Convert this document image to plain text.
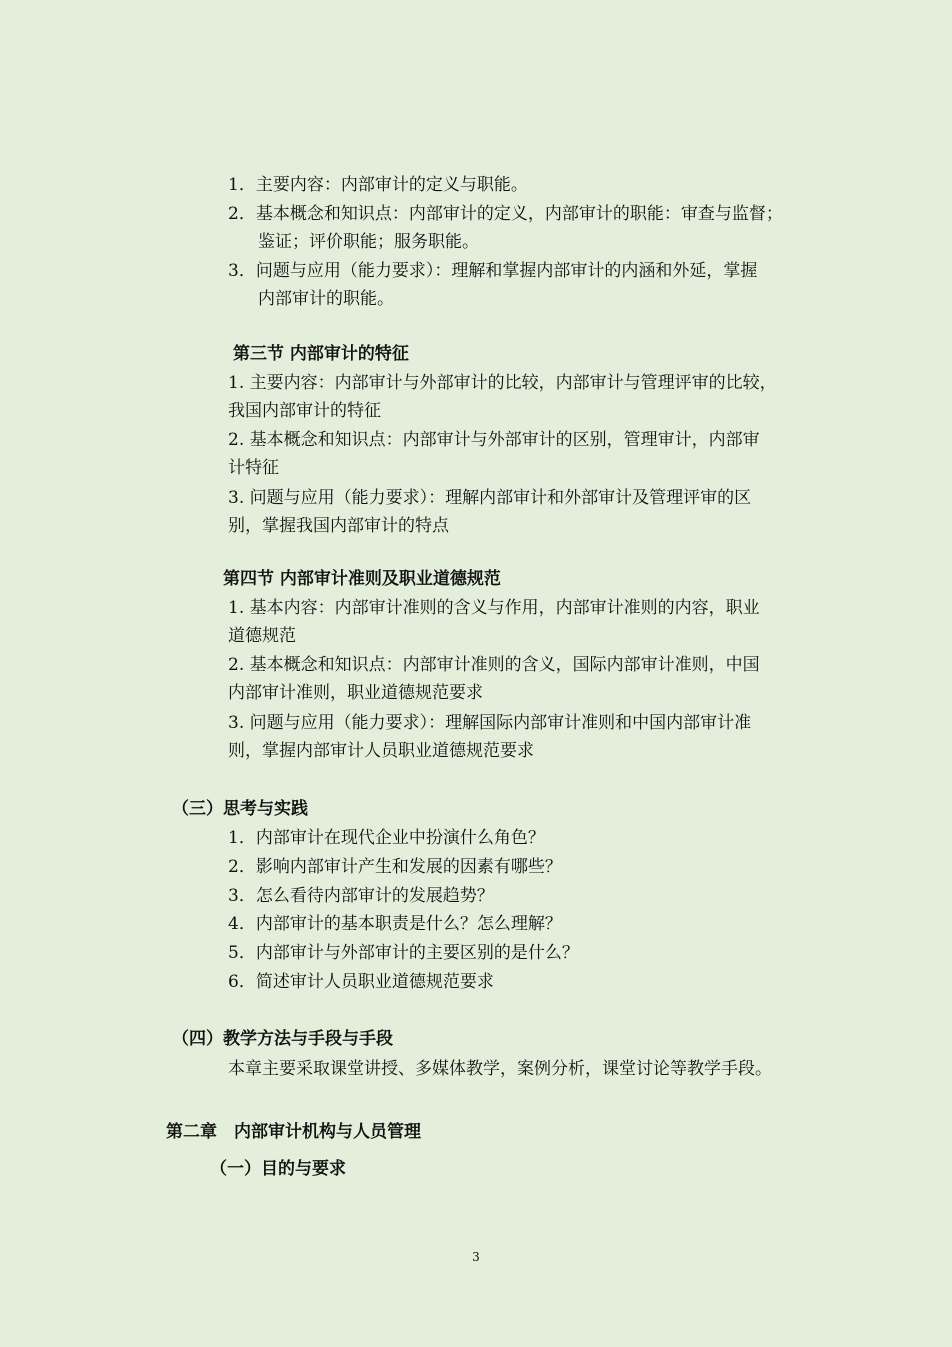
1．主要内容：内部审计的定义与职能。
2．基本概念和知识点：内部审计的定义，内部审计的职能：审查与监督；
鉴证；评价职能；服务职能。
3．问题与应用（能力要求）：理解和掌握内部审计的内涵和外延，掌握
内部审计的职能。
第三节 内部审计的特征
1. 主要内容：内部审计与外部审计的比较，内部审计与管理评审的比较，
我国内部审计的特征
2. 基本概念和知识点：内部审计与外部审计的区别，管理审计，内部审
计特征
3. 问题与应用（能力要求）：理解内部审计和外部审计及管理评审的区
别，掌握我国内部审计的特点
第四节 内部审计准则及职业道德规范
1. 基本内容：内部审计准则的含义与作用，内部审计准则的内容，职业
道德规范
2. 基本概念和知识点：内部审计准则的含义，国际内部审计准则，中国
内部审计准则，职业道德规范要求
3. 问题与应用（能力要求）：理解国际内部审计准则和中国内部审计准
则，掌握内部审计人员职业道德规范要求
（三）思考与实践
1．内部审计在现代企业中扮演什么角色？
2．影响内部审计产生和发展的因素有哪些？
3．怎么看待内部审计的发展趋势？
4．内部审计的基本职责是什么？怎么理解？
5．内部审计与外部审计的主要区别的是什么？
6．简述审计人员职业道德规范要求
（四）教学方法与手段与手段
本章主要采取课堂讲授、多媒体教学，案例分析，课堂讨论等教学手段。
第二章　内部审计机构与人员管理
（一）目的与要求
3
